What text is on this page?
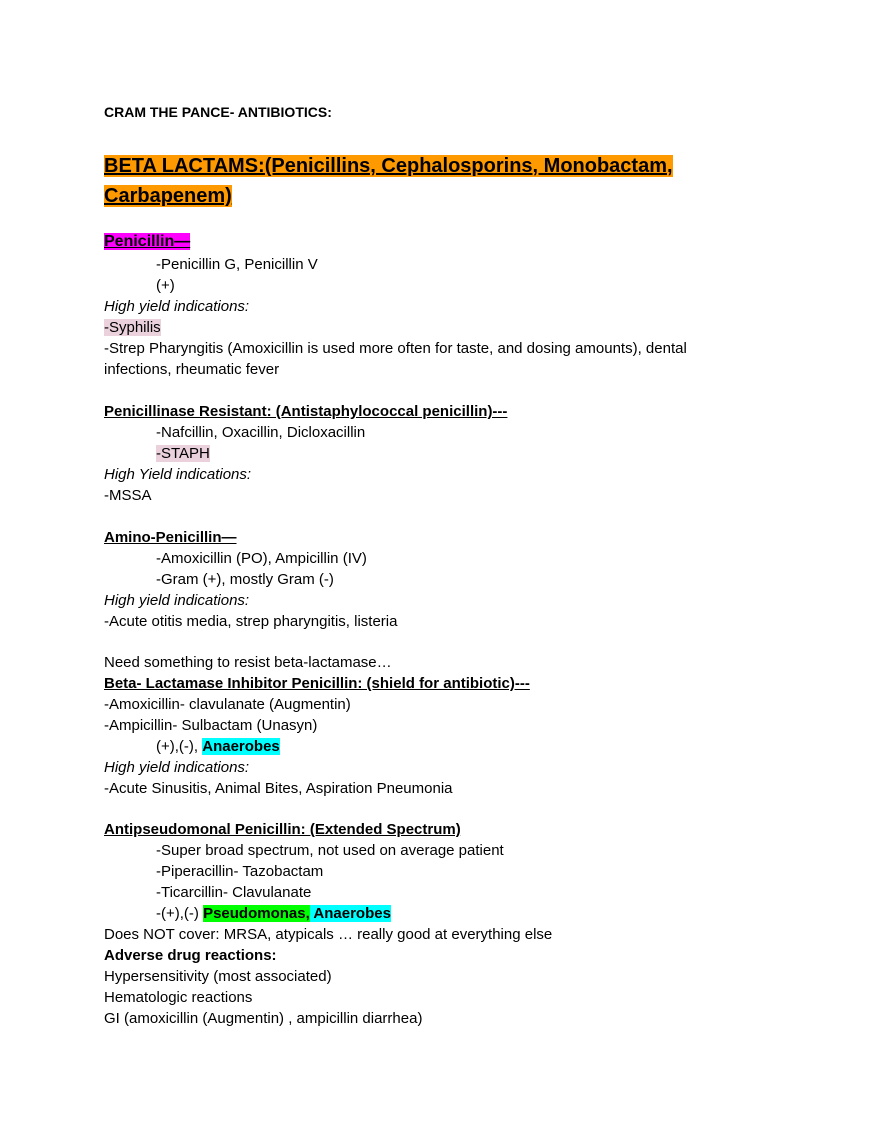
CRAM THE PANCE- ANTIBIOTICS:
BETA LACTAMS:(Penicillins, Cephalosporins, Monobactam, Carbapenem)
Penicillin—
-Penicillin G, Penicillin V
(+)
High yield indications:
-Syphilis
-Strep Pharyngitis (Amoxicillin is used more often for taste, and dosing amounts), dental
infections, rheumatic fever
Penicillinase Resistant: (Antistaphylococcal penicillin)---
-Nafcillin, Oxacillin, Dicloxacillin
-STAPH
High Yield indications:
-MSSA
Amino-Penicillin—
-Amoxicillin (PO), Ampicillin (IV)
-Gram (+), mostly Gram (-)
High yield indications:
-Acute otitis media, strep pharyngitis, listeria
Need something to resist beta-lactamase…
Beta- Lactamase Inhibitor Penicillin: (shield for antibiotic)---
-Amoxicillin- clavulanate (Augmentin)
-Ampicillin- Sulbactam (Unasyn)
(+),(-), Anaerobes
High yield indications:
-Acute Sinusitis, Animal Bites, Aspiration Pneumonia
Antipseudomonal Penicillin: (Extended Spectrum)
-Super broad spectrum, not used on average patient
-Piperacillin- Tazobactam
-Ticarcillin- Clavulanate
-(+),(-) Pseudomonas, Anaerobes
Does NOT cover: MRSA, atypicals … really good at everything else
Adverse drug reactions:
Hypersensitivity (most associated)
Hematologic reactions
GI (amoxicillin (Augmentin) , ampicillin diarrhea)
